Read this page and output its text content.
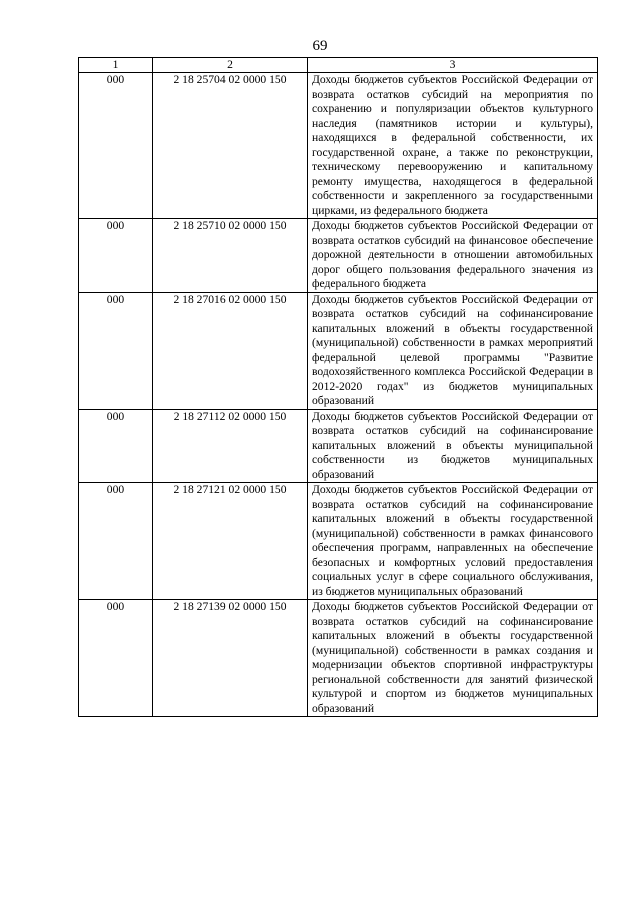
69
1	2	3
000	2 18 25704 02 0000 150	Доходы бюджетов субъектов Российской Федерации от возврата остатков субсидий на мероприятия по сохранению и популяризации объектов культурного наследия (памятников истории и культуры), находящихся в федеральной собственности, их государственной охране, а также по реконструкции, техническому перевооружению и капитальному ремонту имущества, находящегося в федеральной собственности и закрепленного за государственными цирками, из федерального бюджета
000	2 18 25710 02 0000 150	Доходы бюджетов субъектов Российской Федерации от возврата остатков субсидий на финансовое обеспечение дорожной деятельности в отношении автомобильных дорог общего пользования федерального значения из федерального бюджета
000	2 18 27016 02 0000 150	Доходы бюджетов субъектов Российской Федерации от возврата остатков субсидий на софинансирование капитальных вложений в объекты государственной (муниципальной) собственности в рамках мероприятий федеральной целевой программы "Развитие водохозяйственного комплекса Российской Федерации в 2012-2020 годах" из бюджетов муниципальных образований
000	2 18 27112 02 0000 150	Доходы бюджетов субъектов Российской Федерации от возврата остатков субсидий на софинансирование капитальных вложений в объекты муниципальной собственности из бюджетов муниципальных образований
000	2 18 27121 02 0000 150	Доходы бюджетов субъектов Российской Федерации от возврата остатков субсидий на софинансирование капитальных вложений в объекты государственной (муниципальной) собственности в рамках финансового обеспечения программ, направленных на обеспечение безопасных и комфортных условий предоставления социальных услуг в сфере социального обслуживания, из бюджетов муниципальных образований
000	2 18 27139 02 0000 150	Доходы бюджетов субъектов Российской Федерации от возврата остатков субсидий на софинансирование капитальных вложений в объекты государственной (муниципальной) собственности в рамках создания и модернизации объектов спортивной инфраструктуры региональной собственности для занятий физической культурой и спортом из бюджетов муниципальных образований
